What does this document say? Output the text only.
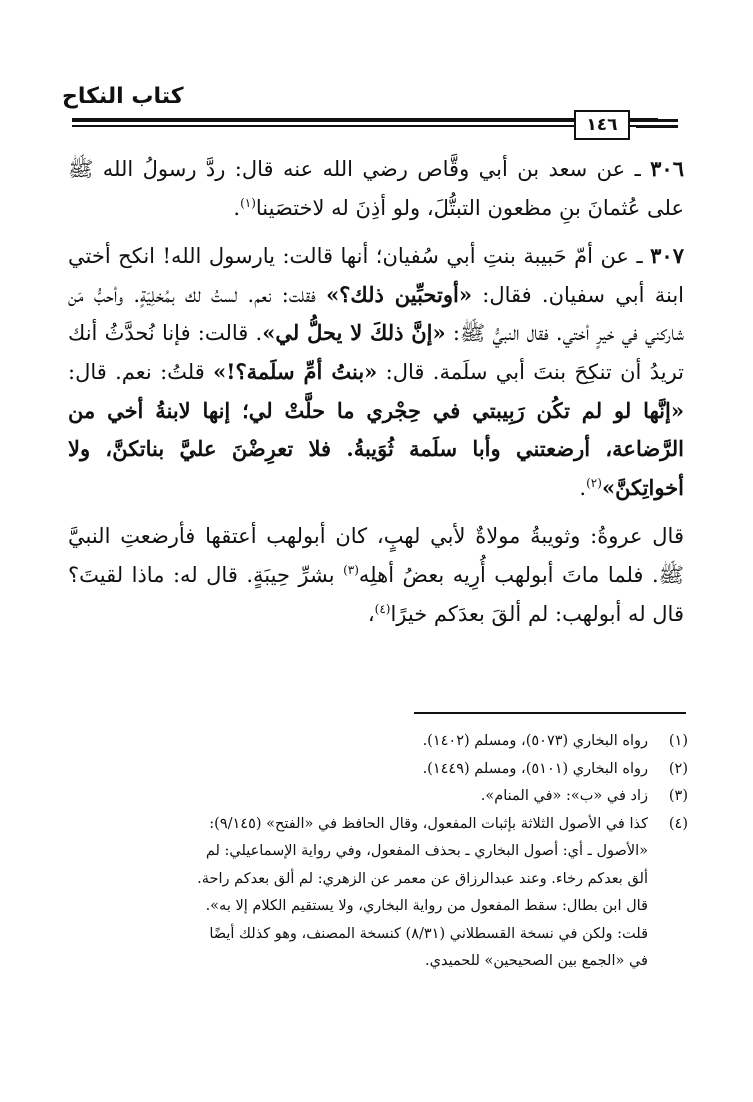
كتاب النكاح
١٤٦

٣٠٦ ـ عن سعد بن أبي وقَّاص رضي الله عنه قال: ردَّ رسولُ الله ﷺ على عُثمانَ بنِ مظعون التبتُّلَ، ولو أذِنَ له لاختصَينا$^{(١)}$.

٣٠٧ ـ عن أمّ حَبيبة بنتِ أبي سُفيان؛ أنها قالت: يارسول الله! انكح أختي ابنة أبي سفيان. فقال: «أوتحبِّين ذلك؟» فقلت: نعم. لستُ لك بمُخلِيَةٍ. وأحبُّ مَن شاركني في خيرٍ أختي. فقال النبيُّ ﷺ: «إنَّ ذلكَ لا يحلُّ لي». قالت: فإنا نُحدَّثُ أنك تريدُ أن تنكِحَ بنتَ أبي سلَمة. قال: «بنتُ أمِّ سلَمة؟!» قلتُ: نعم. قال: «إنَّها لو لم تكُن رَبِيبتي في حِجْري ما حلَّتْ لي؛ إنها لابنةُ أخي من الرَّضاعة، أرضعتني وأبا سلَمة ثُوَيبةُ. فلا تعرِضْنَ عليَّ بناتكنَّ، ولا أخواتِكنَّ»$^{(٢)}$.

قال عروةُ: وثويبةُ مولاةٌ لأبي لهبٍ، كان أبولهب أعتقها فأرضعتِ النبيَّ ﷺ. فلما ماتَ أبولهب أُرِيه بعضُ أهلِه$^{(٣)}$ بشرِّ حِيبَةٍ. قال له: ماذا لقيتَ؟ قال له أبولهب: لم ألقَ بعدَكم خيرًا$^{(٤)}$،

(١)
رواه البخاري (٥٠٧٣)، ومسلم (١٤٠٢).
(٢)
رواه البخاري (٥١٠١)، ومسلم (١٤٤٩).
(٣)
زاد في «ب»: «في المنام».
(٤)
كذا في الأصول الثلاثة بإثبات المفعول، وقال الحافظ في «الفتح» (٩/١٤٥):
«الأصول ـ أي: أصول البخاري ـ بحذف المفعول، وفي رواية الإسماعيلي: لم
ألق بعدكم رخاء. وعند عبدالرزاق عن معمر عن الزهري: لم ألق بعدكم راحة.
قال ابن بطال: سقط المفعول من رواية البخاري، ولا يستقيم الكلام إلا به».
قلت: ولكن في نسخة القسطلاني (٨/٣١) كنسخة المصنف، وهو كذلك أيضًا
في «الجمع بين الصحيحين» للحميدي.
